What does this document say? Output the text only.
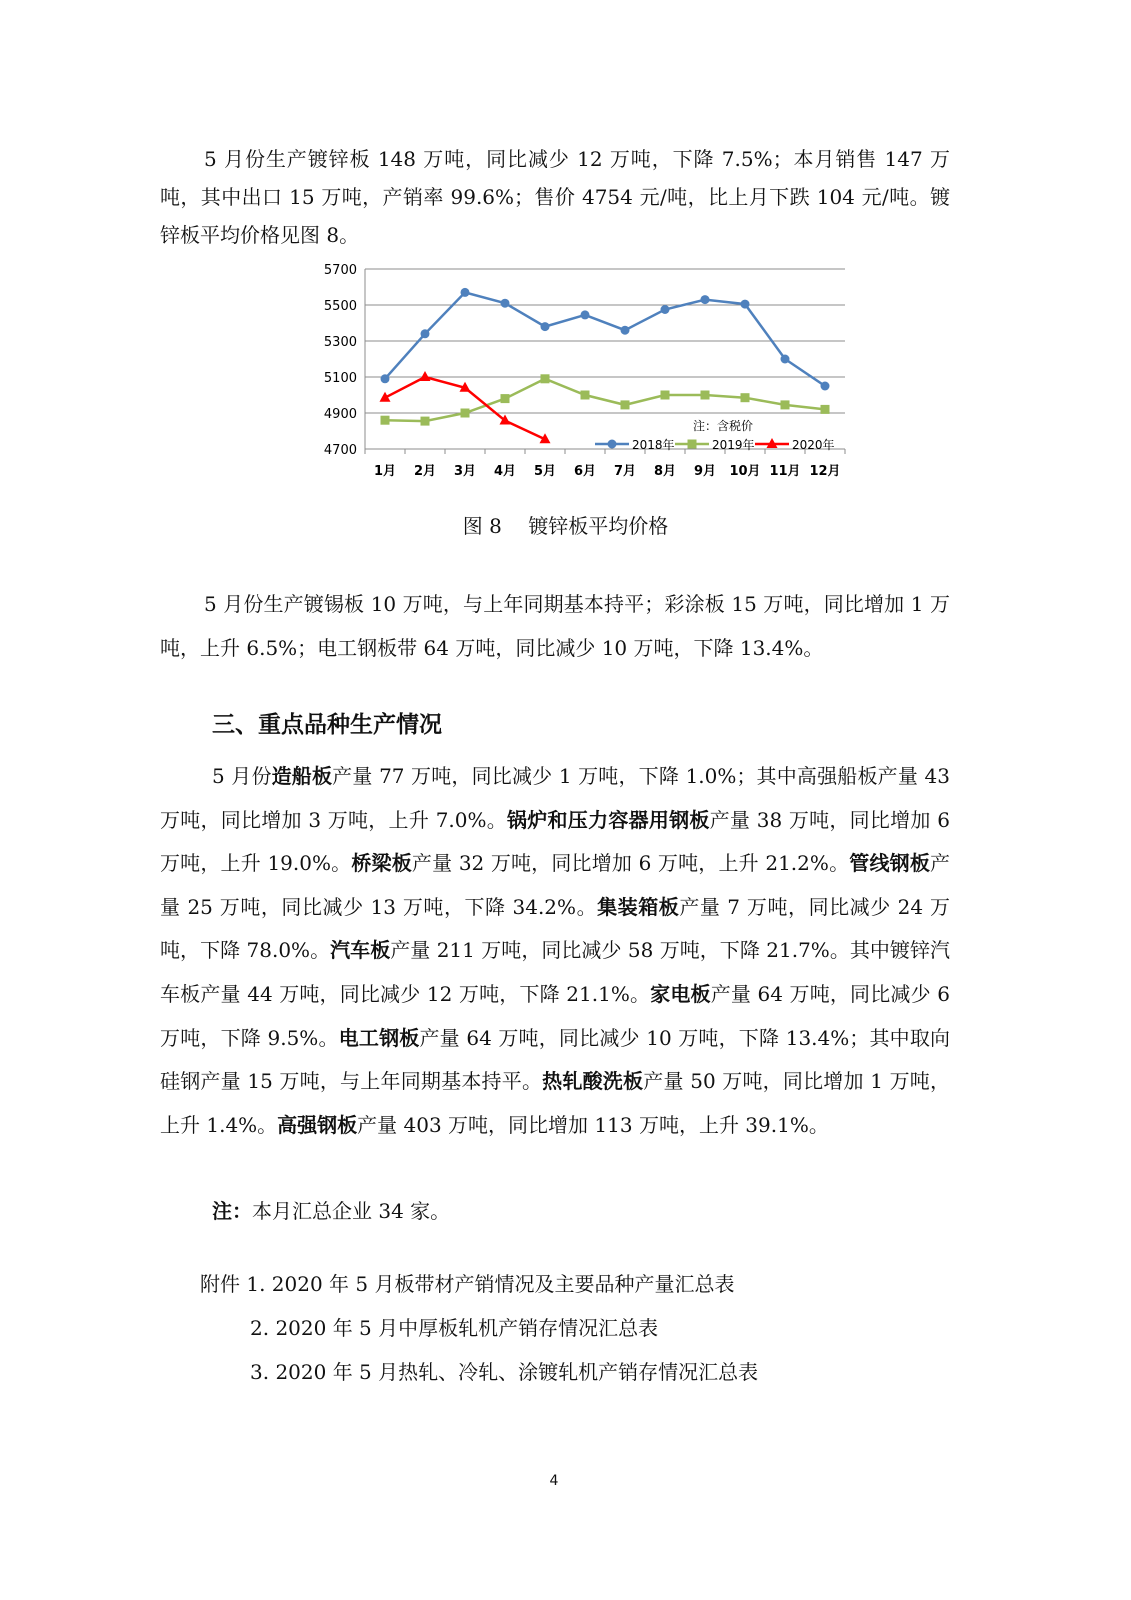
5 月份生产镀锌板 148 万吨，同比减少 12 万吨，下降 7.5%；本月销售 147 万吨，其中出口 15 万吨，产销率 99.6%；售价 4754 元/吨，比上月下跌 104 元/吨。镀锌板平均价格见图 8。
4700
4900
5100
5300
5500
5700
1月 2月 3月 4月 5月 6月 7月 8月 9月 10月 11月 12月
注：含税价
2018年	2019年	2020年
图 8　 镀锌板平均价格
5 月份生产镀锡板 10 万吨，与上年同期基本持平；彩涂板 15 万吨，同比增加 1 万吨，上升 6.5%；电工钢板带 64 万吨，同比减少 10 万吨，下降 13.4%。
三、重点品种生产情况
5 月份造船板产量 77 万吨，同比减少 1 万吨，下降 1.0%；其中高强船板产量 43 万吨，同比增加 3 万吨，上升 7.0%。锅炉和压力容器用钢板产量 38 万吨，同比增加 6 万吨，上升 19.0%。桥梁板产量 32 万吨，同比增加 6 万吨，上升 21.2%。管线钢板产量 25 万吨，同比减少 13 万吨，下降 34.2%。集装箱板产量 7 万吨，同比减少 24 万吨，下降 78.0%。汽车板产量 211 万吨，同比减少 58 万吨，下降 21.7%。其中镀锌汽车板产量 44 万吨，同比减少 12 万吨，下降 21.1%。家电板产量 64 万吨，同比减少 6 万吨，下降 9.5%。电工钢板产量 64 万吨，同比减少 10 万吨，下降 13.4%；其中取向硅钢产量 15 万吨，与上年同期基本持平。热轧酸洗板产量 50 万吨，同比增加 1 万吨，上升 1.4%。高强钢板产量 403 万吨，同比增加 113 万吨，上升 39.1%。
注：本月汇总企业 34 家。
附件 1. 2020 年 5 月板带材产销情况及主要品种产量汇总表
2. 2020 年 5 月中厚板轧机产销存情况汇总表
3. 2020 年 5 月热轧、冷轧、涂镀轧机产销存情况汇总表
4
